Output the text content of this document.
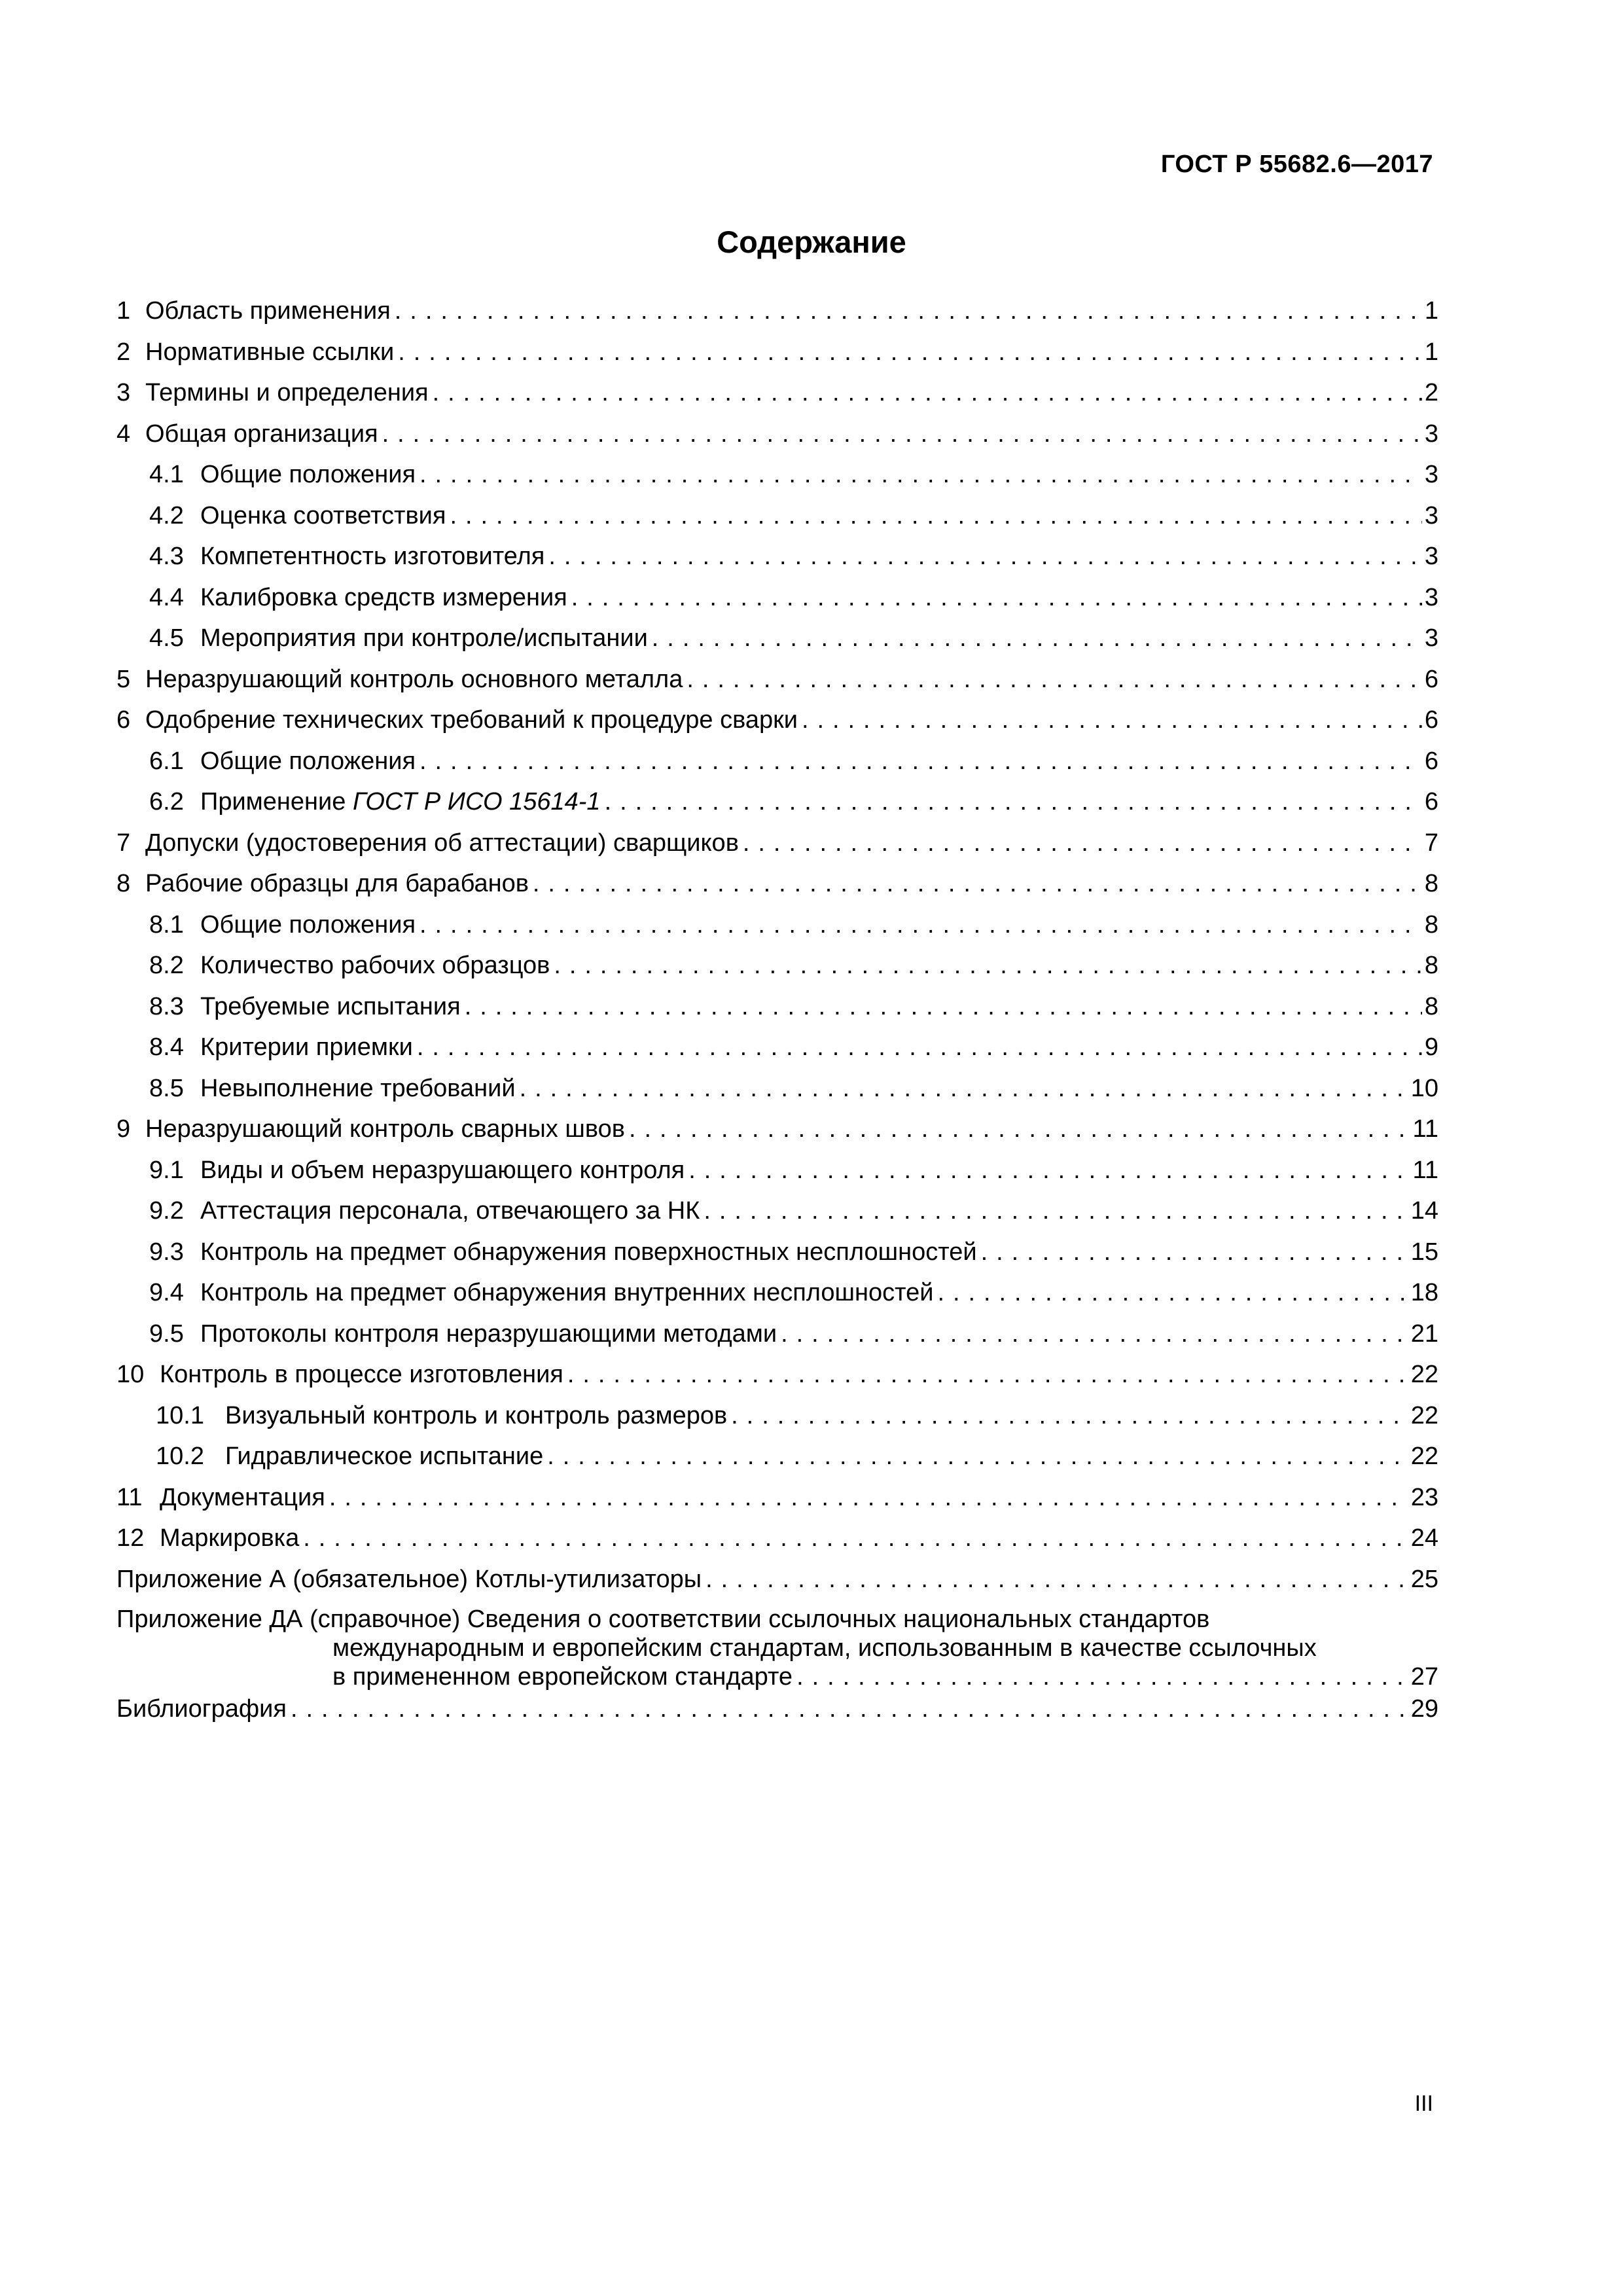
ГОСТ Р 55682.6—2017
Содержание
1 Область применения . . .	1
2 Нормативные ссылки . . .	1
3 Термины и определения . . .	2
4 Общая организация . . .	3
4.1 Общие положения . . .	3
4.2 Оценка соответствия . . .	3
4.3 Компетентность изготовителя . . .	3
4.4 Калибровка средств измерения . . .	3
4.5 Мероприятия при контроле/испытании . . .	3
5 Неразрушающий контроль основного металла . . .	6
6 Одобрение технических требований к процедуре сварки . . .	6
6.1 Общие положения . . .	6
6.2 Применение ГОСТ Р ИСО 15614-1 . . .	6
7 Допуски (удостоверения об аттестации) сварщиков . . .	7
8 Рабочие образцы для барабанов . . .	8
8.1 Общие положения . . .	8
8.2 Количество рабочих образцов . . .	8
8.3 Требуемые испытания . . .	8
8.4 Критерии приемки . . .	9
8.5 Невыполнение требований . . .	10
9 Неразрушающий контроль сварных швов . . .	11
9.1 Виды и объем неразрушающего контроля . . .	11
9.2 Аттестация персонала, отвечающего за НК . . .	14
9.3 Контроль на предмет обнаружения поверхностных несплошностей . . .	15
9.4 Контроль на предмет обнаружения внутренних несплошностей . . .	18
9.5 Протоколы контроля неразрушающими методами . . .	21
10 Контроль в процессе изготовления . . .	22
10.1 Визуальный контроль и контроль размеров . . .	22
10.2 Гидравлическое испытание . . .	22
11 Документация . . .	23
12 Маркировка . . .	24
Приложение А (обязательное) Котлы-утилизаторы . . .	25
Приложение ДА (справочное) Сведения о соответствии ссылочных национальных стандартов
международным и европейским стандартам, использованным в качестве ссылочных
в примененном европейском стандарте . . .	27
Библиография . . .	29
III
